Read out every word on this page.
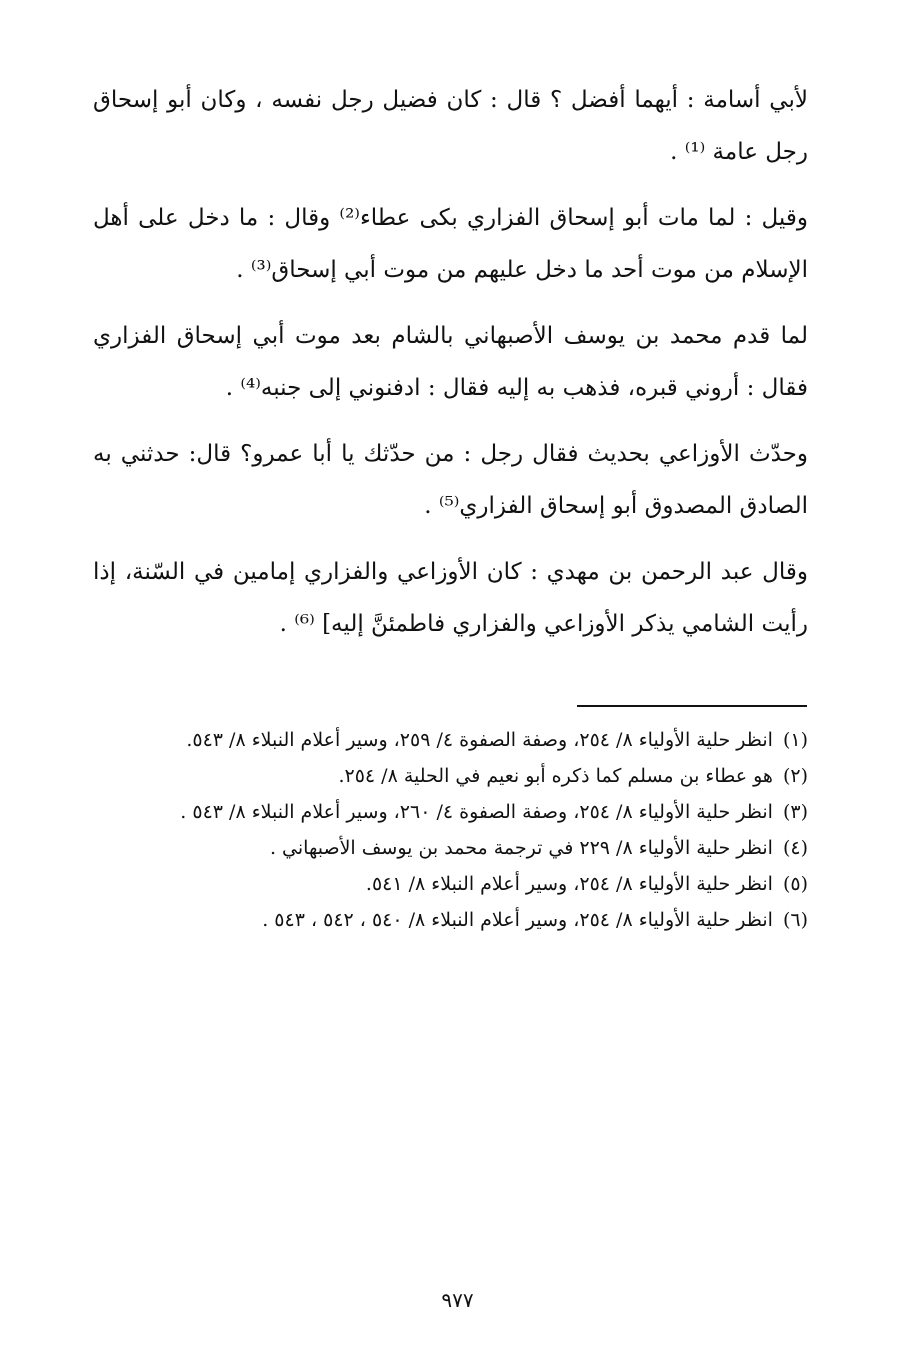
لأبي أسامة : أيهما أفضل ؟ قال : كان فضيل رجل نفسه ، وكان أبو إسحاق رجل عامة ⁽¹⁾ .

وقيل : لما مات أبو إسحاق الفزاري بكى عطاء⁽²⁾ وقال : ما دخل على أهل الإسلام من موت أحد ما دخل عليهم من موت أبي إسحاق⁽³⁾ .

لما قدم محمد بن يوسف الأصبهاني بالشام بعد موت أبي إسحاق الفزاري فقال : أروني قبره، فذهب به إليه فقال : ادفنوني إلى جنبه⁽⁴⁾ .

وحدّث الأوزاعي بحديث فقال رجل : من حدّثك يا أبا عمرو؟ قال: حدثني به الصادق المصدوق أبو إسحاق الفزاري⁽⁵⁾ .

وقال عبد الرحمن بن مهدي : كان الأوزاعي والفزاري إمامين في السّنة، إذا رأيت الشامي يذكر الأوزاعي والفزاري فاطمئنَّ إليه] ⁽⁶⁾ .

(١)
انظر حلية الأولياء ٨/ ٢٥٤، وصفة الصفوة ٤/ ٢٥٩، وسير أعلام النبلاء ٨/ ٥٤٣.
(٢)
هو عطاء بن مسلم كما ذكره أبو نعيم في الحلية ٨/ ٢٥٤.
(٣)
انظر حلية الأولياء ٨/ ٢٥٤، وصفة الصفوة ٤/ ٢٦٠، وسير أعلام النبلاء ٨/ ٥٤٣ .
(٤)
انظر حلية الأولياء ٨/ ٢٢٩ في ترجمة محمد بن يوسف الأصبهاني .
(٥)
انظر حلية الأولياء ٨/ ٢٥٤، وسير أعلام النبلاء ٨/ ٥٤١.
(٦)
انظر حلية الأولياء ٨/ ٢٥٤، وسير أعلام النبلاء ٨/ ٥٤٠ ، ٥٤٢ ، ٥٤٣ .
٩٧٧
